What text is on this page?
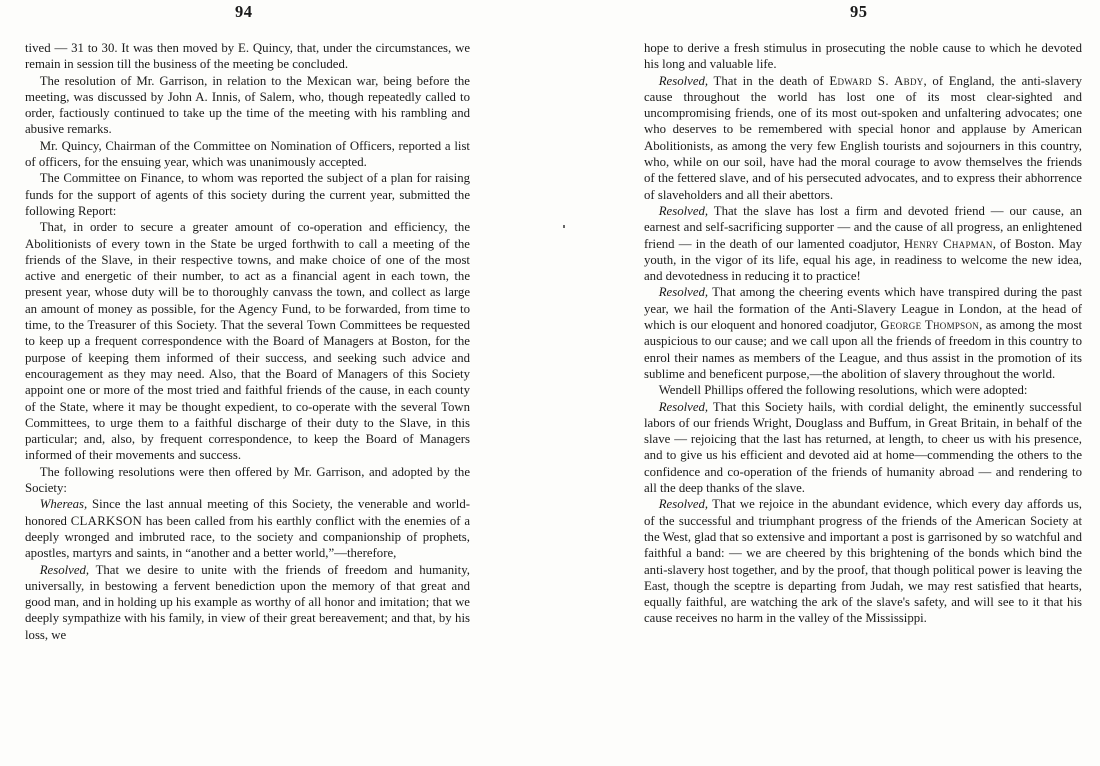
94

tived — 31 to 30. It was then moved by E. Quincy, that, under the circumstances, we remain in session till the business of the meeting be concluded.

The resolution of Mr. Garrison, in relation to the Mexican war, being before the meeting, was discussed by John A. Innis, of Salem, who, though repeatedly called to order, factiously continued to take up the time of the meeting with his rambling and abusive remarks.

Mr. Quincy, Chairman of the Committee on Nomination of Officers, reported a list of officers, for the ensuing year, which was unanimously accepted.

The Committee on Finance, to whom was reported the subject of a plan for raising funds for the support of agents of this society during the current year, submitted the following Report:

That, in order to secure a greater amount of co-operation and efficiency, the Abolitionists of every town in the State be urged forthwith to call a meeting of the friends of the Slave, in their respective towns, and make choice of one of the most active and energetic of their number, to act as a financial agent in each town, the present year, whose duty will be to thoroughly canvass the town, and collect as large an amount of money as possible, for the Agency Fund, to be forwarded, from time to time, to the Treasurer of this Society. That the several Town Committees be requested to keep up a frequent correspondence with the Board of Managers at Boston, for the purpose of keeping them informed of their success, and seeking such advice and encouragement as they may need. Also, that the Board of Managers of this Society appoint one or more of the most tried and faithful friends of the cause, in each county of the State, where it may be thought expedient, to co-operate with the several Town Committees, to urge them to a faithful discharge of their duty to the Slave, in this particular; and, also, by frequent correspondence, to keep the Board of Managers informed of their movements and success.

The following resolutions were then offered by Mr. Garrison, and adopted by the Society:

Whereas, Since the last annual meeting of this Society, the venerable and world-honored CLARKSON has been called from his earthly conflict with the enemies of a deeply wronged and imbruted race, to the society and companionship of prophets, apostles, martyrs and saints, in “another and a better world,”—therefore,

Resolved, That we desire to unite with the friends of freedom and humanity, universally, in bestowing a fervent benediction upon the memory of that great and good man, and in holding up his example as worthy of all honor and imitation; that we deeply sympathize with his family, in view of their great bereavement; and that, by his loss, we

95

hope to derive a fresh stimulus in prosecuting the noble cause to which he devoted his long and valuable life.

Resolved, That in the death of Edward S. Abdy, of England, the anti-slavery cause throughout the world has lost one of its most clear-sighted and uncompromising friends, one of its most out-spoken and unfaltering advocates; one who deserves to be remembered with special honor and applause by American Abolitionists, as among the very few English tourists and sojourners in this country, who, while on our soil, have had the moral courage to avow themselves the friends of the fettered slave, and of his persecuted advocates, and to express their abhorrence of slaveholders and all their abettors.

Resolved, That the slave has lost a firm and devoted friend — our cause, an earnest and self-sacrificing supporter — and the cause of all progress, an enlightened friend — in the death of our lamented coadjutor, Henry Chapman, of Boston. May youth, in the vigor of its life, equal his age, in readiness to welcome the new idea, and devotedness in reducing it to practice!

Resolved, That among the cheering events which have transpired during the past year, we hail the formation of the Anti-Slavery League in London, at the head of which is our eloquent and honored coadjutor, George Thompson, as among the most auspicious to our cause; and we call upon all the friends of freedom in this country to enrol their names as members of the League, and thus assist in the promotion of its sublime and beneficent purpose,—the abolition of slavery throughout the world.

Wendell Phillips offered the following resolutions, which were adopted:

Resolved, That this Society hails, with cordial delight, the eminently successful labors of our friends Wright, Douglass and Buffum, in Great Britain, in behalf of the slave — rejoicing that the last has returned, at length, to cheer us with his presence, and to give us his efficient and devoted aid at home—commending the others to the confidence and co-operation of the friends of humanity abroad — and rendering to all the deep thanks of the slave.

Resolved, That we rejoice in the abundant evidence, which every day affords us, of the successful and triumphant progress of the friends of the American Society at the West, glad that so extensive and important a post is garrisoned by so watchful and faithful a band: — we are cheered by this brightening of the bonds which bind the anti-slavery host together, and by the proof, that though political power is leaving the East, though the sceptre is departing from Judah, we may rest satisfied that hearts, equally faithful, are watching the ark of the slave's safety, and will see to it that his cause receives no harm in the valley of the Mississippi.
